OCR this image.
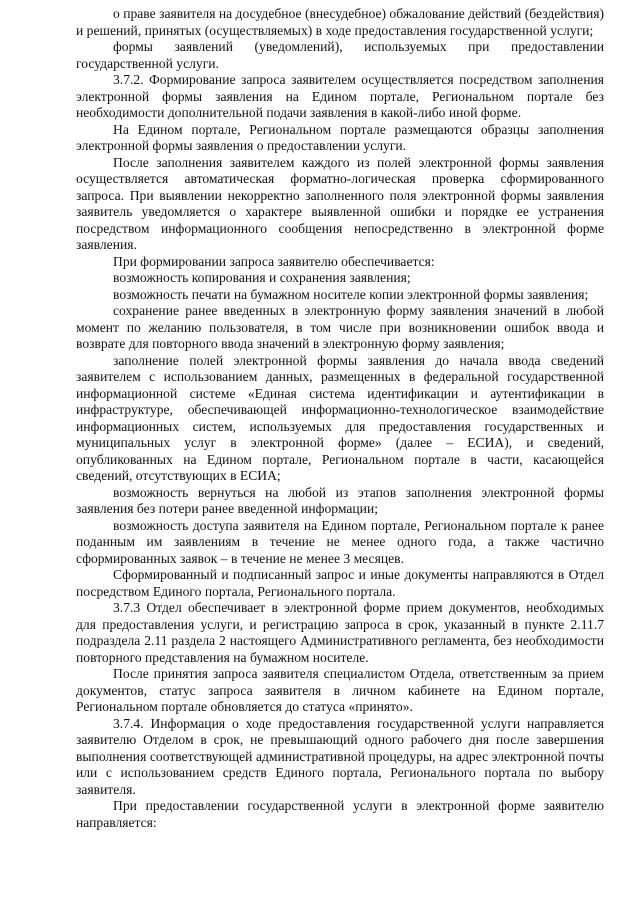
о праве заявителя на досудебное (внесудебное) обжалование действий (бездействия) и решений, принятых (осуществляемых) в ходе предоставления государственной услуги;

формы заявлений (уведомлений), используемых при предоставлении государственной услуги.

3.7.2. Формирование запроса заявителем осуществляется посредством заполнения электронной формы заявления на Едином портале, Региональном портале без необходимости дополнительной подачи заявления в какой-либо иной форме.

На Едином портале, Региональном портале размещаются образцы заполнения электронной формы заявления о предоставлении услуги.

После заполнения заявителем каждого из полей электронной формы заявления осуществляется автоматическая форматно-логическая проверка сформированного запроса. При выявлении некорректно заполненного поля электронной формы заявления заявитель уведомляется о характере выявленной ошибки и порядке ее устранения посредством информационного сообщения непосредственно в электронной форме заявления.

При формировании запроса заявителю обеспечивается:

возможность копирования и сохранения заявления;

возможность печати на бумажном носителе копии электронной формы заявления;

сохранение ранее введенных в электронную форму заявления значений в любой момент по желанию пользователя, в том числе при возникновении ошибок ввода и возврате для повторного ввода значений в электронную форму заявления;

заполнение полей электронной формы заявления до начала ввода сведений заявителем с использованием данных, размещенных в федеральной государственной информационной системе «Единая система идентификации и аутентификации в инфраструктуре, обеспечивающей информационно-технологическое взаимодействие информационных систем, используемых для предоставления государственных и муниципальных услуг в электронной форме» (далее – ЕСИА), и сведений, опубликованных на Едином портале, Региональном портале в части, касающейся сведений, отсутствующих в ЕСИА;

возможность вернуться на любой из этапов заполнения электронной формы заявления без потери ранее введенной информации;

возможность доступа заявителя на Едином портале, Региональном портале к ранее поданным им заявлениям в течение не менее одного года, а также частично сформированных заявок – в течение не менее 3 месяцев.

Сформированный и подписанный запрос и иные документы направляются в Отдел посредством Единого портала, Регионального портала.

3.7.3 Отдел обеспечивает в электронной форме прием документов, необходимых для предоставления услуги, и регистрацию запроса в срок, указанный в пункте 2.11.7 подраздела 2.11 раздела 2 настоящего Административного регламента, без необходимости повторного представления на бумажном носителе.

После принятия запроса заявителя специалистом Отдела, ответственным за прием документов, статус запроса заявителя в личном кабинете на Едином портале, Региональном портале обновляется до статуса «принято».

3.7.4. Информация о ходе предоставления государственной услуги направляется заявителю Отделом в срок, не превышающий одного рабочего дня после завершения выполнения соответствующей административной процедуры, на адрес электронной почты или с использованием средств Единого портала, Регионального портала по выбору заявителя.

При предоставлении государственной услуги в электронной форме заявителю направляется:
